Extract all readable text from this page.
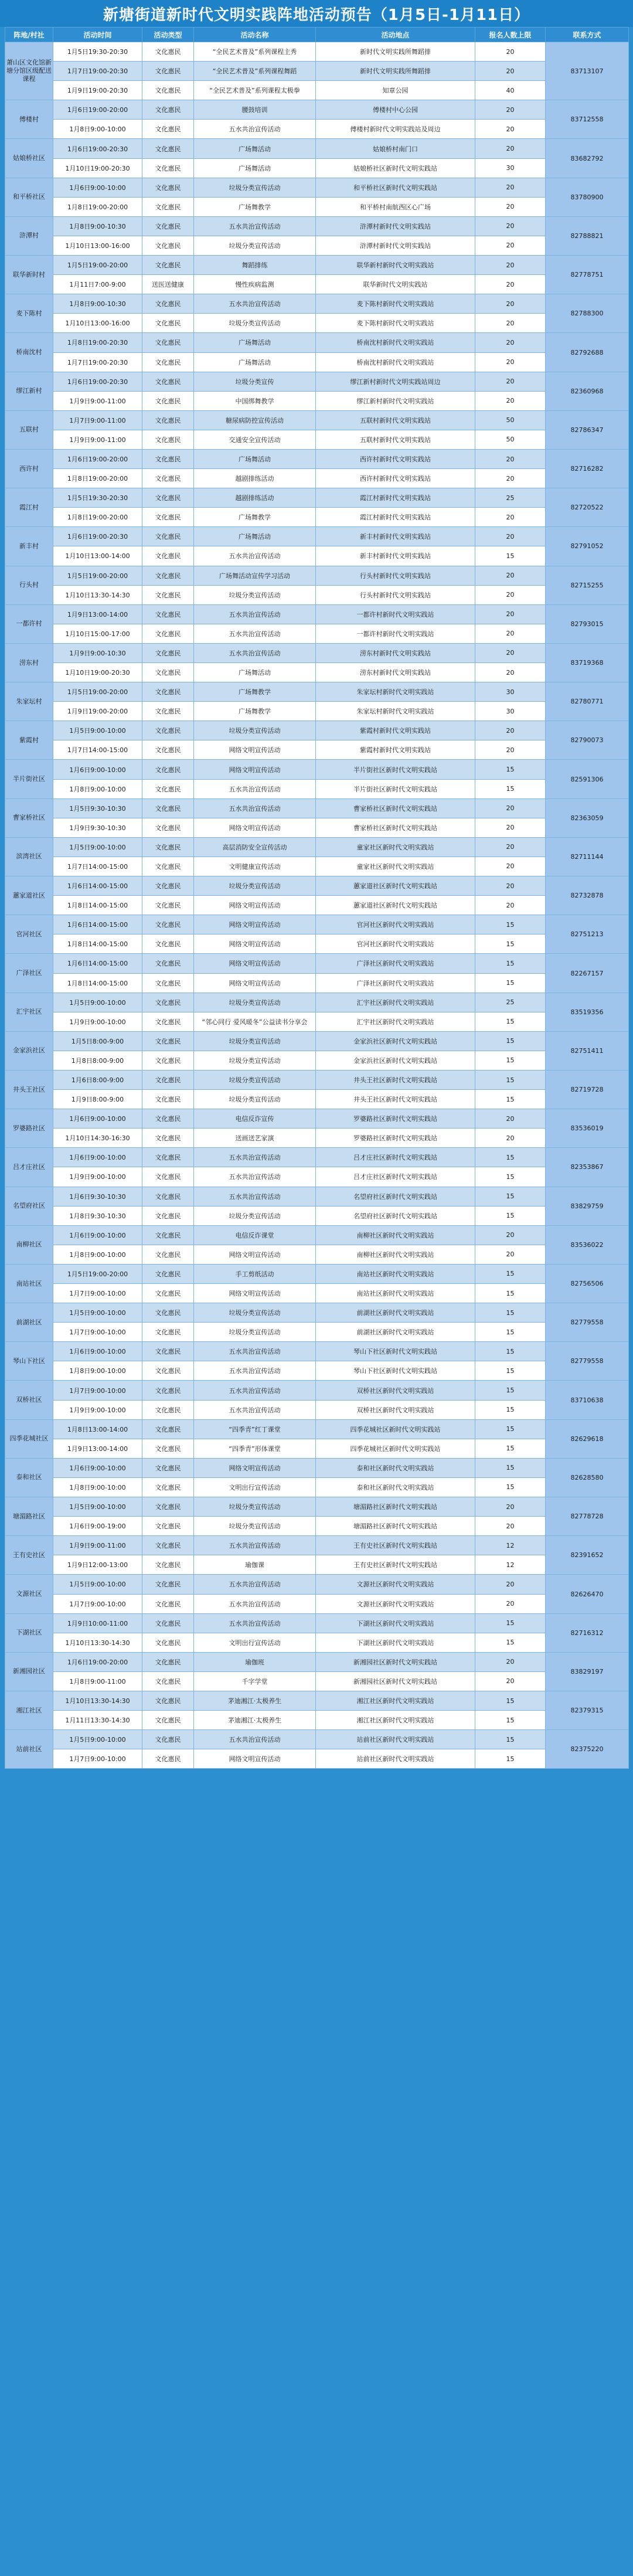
新塘街道新时代文明实践阵地活动预告（1月5日-1月11日）
阵地/村社	活动时间	活动类型	活动名称	活动地点	报名人数上限	联系方式
萧山区文化馆新塘分馆区级配送课程	1月5日19:30-20:30	文化惠民	“全民艺术普及”系列课程主秀	新时代文明实践所舞蹈排	20	83713107
	1月7日19:00-20:30	文化惠民	“全民艺术普及”系列课程舞蹈	新时代文明实践所舞蹈排	20	
	1月9日19:00-20:30	文化惠民	“全民艺术普及”系列课程太极拳	知章公园	40	
傅楼村	1月6日19:00-20:00	文化惠民	腰鼓培训	傅楼村中心公园	20	83712558
	1月8日9:00-10:00	文化惠民	五水共治宣传活动	傅楼村新时代文明实践站及周边	20	
姑娘桥社区	1月6日19:00-20:30	文化惠民	广场舞活动	姑娘桥村南门口	20	83682792
	1月10日19:00-20:30	文化惠民	广场舞活动	姑娘桥社区新时代文明实践站	30	
和平桥社区	1月6日9:00-10:00	文化惠民	垃圾分类宣传活动	和平桥社区新时代文明实践站	20	83780900
	1月8日19:00-20:00	文化惠民	广场舞教学	和平桥村南航西区心广场	20	
浒潭村	1月8日9:00-10:30	文化惠民	五水共治宣传活动	浒潭村新时代文明实践站	20	82788821
	1月10日13:00-16:00	文化惠民	垃圾分类宣传活动	浒潭村新时代文明实践站	20	
联华新时村	1月5日19:00-20:00	文化惠民	舞蹈排练	联华新村新时代文明实践站	20	82778751
	1月11日7:00-9:00	送医送健康	慢性疾病监测	联华新时代文明实践站	20	
麦下陈村	1月8日9:00-10:30	文化惠民	五水共治宣传活动	麦下陈村新时代文明实践站	20	82788300
	1月10日13:00-16:00	文化惠民	垃圾分类宣传活动	麦下陈村新时代文明实践站	20	
桥南沈村	1月8日19:00-20:30	文化惠民	广场舞活动	桥南沈村新时代文明实践站	20	82792688
	1月7日19:00-20:30	文化惠民	广场舞活动	桥南沈村新时代文明实践站	20	
缪江新村	1月6日19:00-20:30	文化惠民	垃圾分类宣传	缪江新村新时代文明实践站周边	20	82360968
	1月9日9:00-11:00	文化惠民	中国绑舞教学	缪江新村新时代文明实践站	20	
五联村	1月7日9:00-11:00	文化惠民	糖尿病防控宣传活动	五联村新时代文明实践站	50	82786347
	1月9日9:00-11:00	文化惠民	交通安全宣传活动	五联村新时代文明实践站	50	
西许村	1月6日19:00-20:00	文化惠民	广场舞活动	西许村新时代文明实践站	20	82716282
	1月8日19:00-20:00	文化惠民	越剧排练活动	西许村新时代文明实践站	20	
霞江村	1月5日19:30-20:30	文化惠民	越剧排练活动	霞江村新时代文明实践站	25	82720522
	1月8日19:00-20:00	文化惠民	广场舞教学	霞江村新时代文明实践站	20	
新丰村	1月6日19:00-20:30	文化惠民	广场舞活动	新丰村新时代文明实践站	20	82791052
	1月10日13:00-14:00	文化惠民	五水共治宣传活动	新丰村新时代文明实践站	15	
行头村	1月5日19:00-20:00	文化惠民	广场舞活动宣传学习活动	行头村新时代文明实践站	20	82715255
	1月10日13:30-14:30	文化惠民	垃圾分类宣传活动	行头村新时代文明实践站	20	
一都许村	1月9日13:00-14:00	文化惠民	五水共治宣传活动	一都许村新时代文明实践站	20	82793015
	1月10日15:00-17:00	文化惠民	五水共治宣传活动	一都许村新时代文明实践站	20	
涝东村	1月9日9:00-10:30	文化惠民	五水共治宣传活动	涝东村新时代文明实践站	20	83719368
	1月10日19:00-20:30	文化惠民	广场舞活动	涝东村新时代文明实践站	20	
朱家坛村	1月5日19:00-20:00	文化惠民	广场舞教学	朱家坛村新时代文明实践站	30	82780771
	1月9日19:00-20:00	文化惠民	广场舞教学	朱家坛村新时代文明实践站	30	
紫霞村	1月5日9:00-10:00	文化惠民	垃圾分类宣传活动	紫霞村新时代文明实践站	20	82790073
	1月7日14:00-15:00	文化惠民	网络文明宣传活动	紫霞村新时代文明实践站	20	
半片街社区	1月6日9:00-10:00	文化惠民	网络文明宣传活动	半片街社区新时代文明实践站	15	82591306
	1月8日9:00-10:00	文化惠民	五水共治宣传活动	半片街社区新时代文明实践站	15	
曹家桥社区	1月5日9:30-10:30	文化惠民	五水共治宣传活动	曹家桥社区新时代文明实践站	20	82363059
	1月9日9:30-10:30	文化惠民	网络文明宣传活动	曹家桥社区新时代文明实践站	20	
滨湾社区	1月5日9:00-10:00	文化惠民	高层消防安全宣传活动	童家社区新时代文明实践站	20	82711144
	1月7日14:00-15:00	文化惠民	文明健康宣传活动	童家社区新时代文明实践站	20	
蕙家道社区	1月6日14:00-15:00	文化惠民	垃圾分类宣传活动	蕙家道社区新时代文明实践站	20	82732878
	1月8日14:00-15:00	文化惠民	网络文明宣传活动	蕙家道社区新时代文明实践站	20	
官河社区	1月6日14:00-15:00	文化惠民	网络文明宣传活动	官河社区新时代文明实践站	15	82751213
	1月8日14:00-15:00	文化惠民	网络文明宣传活动	官河社区新时代文明实践站	15	
广泽社区	1月6日14:00-15:00	文化惠民	网络文明宣传活动	广泽社区新时代文明实践站	15	82267157
	1月8日14:00-15:00	文化惠民	网络文明宣传活动	广泽社区新时代文明实践站	15	
汇宇社区	1月5日9:00-10:00	文化惠民	垃圾分类宣传活动	汇宇社区新时代文明实践站	25	83519356
	1月9日9:00-10:00	文化惠民	“邻心同行 爱风暖冬”公益读书分享会	汇宇社区新时代文明实践站	15	
金家浜社区	1月5日8:00-9:00	文化惠民	垃圾分类宣传活动	金家浜社区新时代文明实践站	15	82751411
	1月8日8:00-9:00	文化惠民	垃圾分类宣传活动	金家浜社区新时代文明实践站	15	
井头王社区	1月6日8:00-9:00	文化惠民	垃圾分类宣传活动	井头王社区新时代文明实践站	15	82719728
	1月9日8:00-9:00	文化惠民	垃圾分类宣传活动	井头王社区新时代文明实践站	15	
罗婆路社区	1月6日9:00-10:00	文化惠民	电信反诈宣传	罗婆路社区新时代文明实践站	20	83536019
	1月10日14:30-16:30	文化惠民	送画送艺家演	罗婆路社区新时代文明实践站	20	
吕才庄社区	1月6日9:00-10:00	文化惠民	五水共治宣传活动	吕才庄社区新时代文明实践站	15	82353867
	1月9日9:00-10:00	文化惠民	五水共治宣传活动	吕才庄社区新时代文明实践站	15	
名望府社区	1月6日9:30-10:30	文化惠民	五水共治宣传活动	名望府社区新时代文明实践站	15	83829759
	1月8日9:30-10:30	文化惠民	垃圾分类宣传活动	名望府社区新时代文明实践站	15	
南柳社区	1月6日9:00-10:00	文化惠民	电信反诈课堂	南柳社区新时代文明实践站	20	83536022
	1月8日9:00-10:00	文化惠民	网络文明宣传活动	南柳社区新时代文明实践站	20	
南站社区	1月5日19:00-20:00	文化惠民	手工剪纸活动	南站社区新时代文明实践站	15	82756506
	1月7日9:00-10:00	文化惠民	网络文明宣传活动	南站社区新时代文明实践站	15	
前湖社区	1月5日9:00-10:00	文化惠民	垃圾分类宣传活动	前湖社区新时代文明实践站	15	82779558
	1月7日9:00-10:00	文化惠民	垃圾分类宣传活动	前湖社区新时代文明实践站	15	
琴山下社区	1月6日9:00-10:00	文化惠民	五水共治宣传活动	琴山下社区新时代文明实践站	15	82779558
	1月8日9:00-10:00	文化惠民	五水共治宣传活动	琴山下社区新时代文明实践站	15	
双桥社区	1月7日9:00-10:00	文化惠民	五水共治宣传活动	双桥社区新时代文明实践站	15	83710638
	1月9日9:00-10:00	文化惠民	五水共治宣传活动	双桥社区新时代文明实践站	15	
四季花城社区	1月8日13:00-14:00	文化惠民	“四季青”红丁课堂	四季花城社区新时代文明实践站	15	82629618
	1月9日13:00-14:00	文化惠民	“四季青”形体课堂	四季花城社区新时代文明实践站	15	
泰和社区	1月6日9:00-10:00	文化惠民	网络文明宣传活动	泰和社区新时代文明实践站	15	82628580
	1月8日9:00-10:00	文化惠民	文明出行宣传活动	泰和社区新时代文明实践站	15	
塘湄路社区	1月5日9:00-10:00	文化惠民	垃圾分类宣传活动	塘湄路社区新时代文明实践站	20	82778728
	1月6日9:00-19:00	文化惠民	垃圾分类宣传活动	塘湄路社区新时代文明实践站	20	
王有史社区	1月9日9:00-11:00	文化惠民	五水共治宣传活动	王有史社区新时代文明实践站	12	82391652
	1月9日12:00-13:00	文化惠民	瑜伽课	王有史社区新时代文明实践站	12	
文源社区	1月5日9:00-10:00	文化惠民	五水共治宣传活动	文源社区新时代文明实践站	20	82626470
	1月7日9:00-10:00	文化惠民	五水共治宣传活动	文源社区新时代文明实践站	20	
下湖社区	1月9日10:00-11:00	文化惠民	五水共治宣传活动	下湖社区新时代文明实践站	15	82716312
	1月10日13:30-14:30	文化惠民	文明出行宣传活动	下湖社区新时代文明实践站	15	
新湘园社区	1月6日19:00-20:00	文化惠民	瑜伽班	新湘园社区新时代文明实践站	20	83829197
	1月8日9:00-11:00	文化惠民	千字学堂	新湘园社区新时代文明实践站	20	
湘江社区	1月10日13:30-14:30	文化惠民	茅迪湘江·太极养生	湘江社区新时代文明实践站	15	82379315
	1月11日13:30-14:30	文化惠民	茅迪湘江·太极养生	湘江社区新时代文明实践站	15	
站前社区	1月5日9:00-10:00	文化惠民	五水共治宣传活动	站前社区新时代文明实践站	15	82375220
	1月7日9:00-10:00	文化惠民	网络文明宣传活动	站前社区新时代文明实践站	15	
